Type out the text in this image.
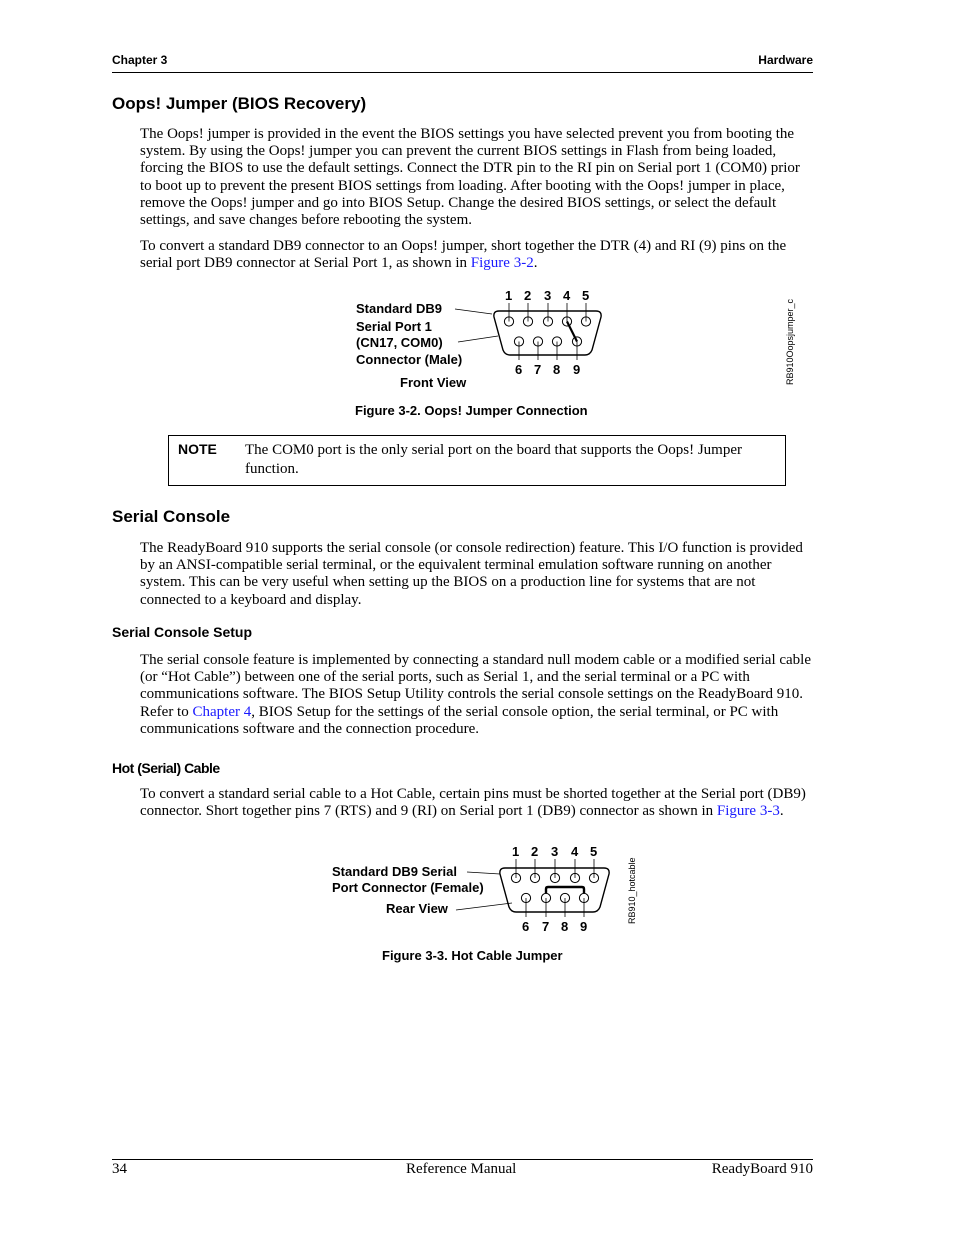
Chapter 3	Hardware
Oops! Jumper (BIOS Recovery)

The Oops! jumper is provided in the event the BIOS settings you have selected prevent you from booting the system. By using the Oops! jumper you can prevent the current BIOS settings in Flash from being loaded, forcing the BIOS to use the default settings. Connect the DTR pin to the RI pin on Serial port 1 (COM0) prior to boot up to prevent the present BIOS settings from loading. After booting with the Oops! jumper in place, remove the Oops! jumper and go into BIOS Setup. Change the desired BIOS settings, or select the default settings, and save changes before rebooting the system.

To convert a standard DB9 connector to an Oops! jumper, short together the DTR (4) and RI (9) pins on the serial port DB9 connector at Serial Port 1, as shown in Figure 3-2.

Standard DB9
Serial Port 1
(CN17, COM0)
Connector (Male)
Front View
1 2 3 4 5
6 7 8 9	RB910Oopsjumper_c
Figure 3-2. Oops! Jumper Connection
NOTE The COM0 port is the only serial port on the board that supports the Oops! Jumper function.
Serial Console

The ReadyBoard 910 supports the serial console (or console redirection) feature. This I/O function is provided by an ANSI-compatible serial terminal, or the equivalent terminal emulation software running on another system. This can be very useful when setting up the BIOS on a production line for systems that are not connected to a keyboard and display.

Serial Console Setup

The serial console feature is implemented by connecting a standard null modem cable or a modified serial cable (or “Hot Cable”) between one of the serial ports, such as Serial 1, and the serial terminal or a PC with communications software. The BIOS Setup Utility controls the serial console settings on the ReadyBoard 910. Refer to Chapter 4, BIOS Setup for the settings of the serial console option, the serial terminal, or PC with communications software and the connection procedure.

Hot (Serial) Cable

To convert a standard serial cable to a Hot Cable, certain pins must be shorted together at the Serial port (DB9) connector. Short together pins 7 (RTS) and 9 (RI) on Serial port 1 (DB9) connector as shown in Figure 3-3.

Standard DB9 Serial
Port Connector (Female)
Rear View
1 2 3 4 5
6 7 8 9
RB910_hotcable
Figure 3-3. Hot Cable Jumper
34	Reference Manual	ReadyBoard 910
